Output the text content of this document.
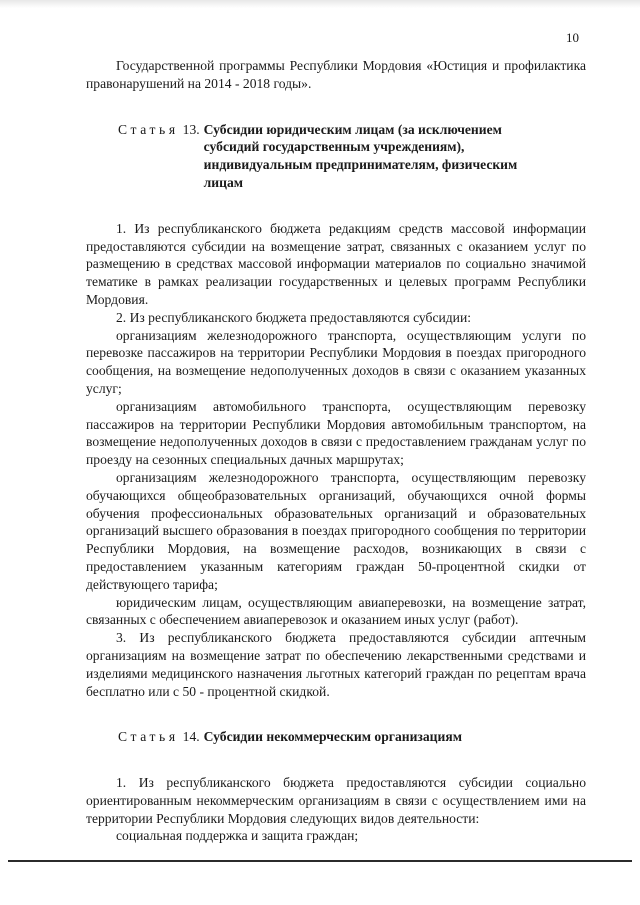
10

Государственной программы Республики Мордовия «Юстиция и профилактика правонарушений на 2014 - 2018 годы».

Статья 13. Субсидии юридическим лицам (за исключением субсидий государственным учреждениям), индивидуальным предпринимателям, физическим лицам

1. Из республиканского бюджета редакциям средств массовой информации предоставляются субсидии на возмещение затрат, связанных с оказанием услуг по размещению в средствах массовой информации материалов по социально значимой тематике в рамках реализации государственных и целевых программ Республики Мордовия.

2. Из республиканского бюджета предоставляются субсидии:

организациям железнодорожного транспорта, осуществляющим услуги по перевозке пассажиров на территории Республики Мордовия в поездах пригородного сообщения, на возмещение недополученных доходов в связи с оказанием указанных услуг;

организациям автомобильного транспорта, осуществляющим перевозку пассажиров на территории Республики Мордовия автомобильным транспортом, на возмещение недополученных доходов в связи с предоставлением гражданам услуг по проезду на сезонных специальных дачных маршрутах;

организациям железнодорожного транспорта, осуществляющим перевозку обучающихся общеобразовательных организаций, обучающихся очной формы обучения профессиональных образовательных организаций и образовательных организаций высшего образования в поездах пригородного сообщения по территории Республики Мордовия, на возмещение расходов, возникающих в связи с предоставлением указанным категориям граждан 50-процентной скидки от действующего тарифа;

юридическим лицам, осуществляющим авиаперевозки, на возмещение затрат, связанных с обеспечением авиаперевозок и оказанием иных услуг (работ).

3. Из республиканского бюджета предоставляются субсидии аптечным организациям на возмещение затрат по обеспечению лекарственными средствами и изделиями медицинского назначения льготных категорий граждан по рецептам врача бесплатно или с 50 - процентной скидкой.

Статья 14. Субсидии некоммерческим организациям

1. Из республиканского бюджета предоставляются субсидии социально ориентированным некоммерческим организациям в связи с осуществлением ими на территории Республики Мордовия следующих видов деятельности:

социальная поддержка и защита граждан;
